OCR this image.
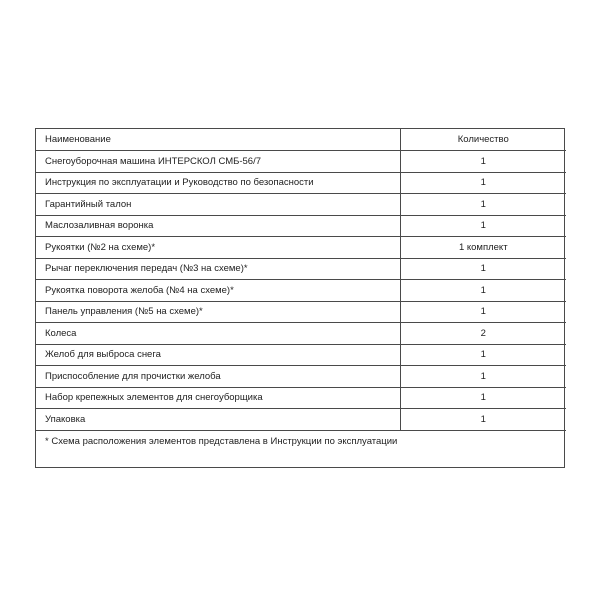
Наименование	Количество
Снегоуборочная машина ИНТЕРСКОЛ СМБ-56/7	1
Инструкция по эксплуатации и Руководство по безопасности	1
Гарантийный талон	1
Маслозаливная воронка	1
Рукоятки (№2 на схеме)*	1 комплект
Рычаг переключения передач (№3 на схеме)*	1
Рукоятка поворота желоба (№4 на схеме)*	1
Панель управления (№5 на схеме)*	1
Колеса	2
Желоб для выброса снега	1
Приспособление для прочистки желоба	1
Набор крепежных элементов для снегоуборщика	1
Упаковка	1
* Схема расположения элементов представлена в Инструкции по эксплуатации
